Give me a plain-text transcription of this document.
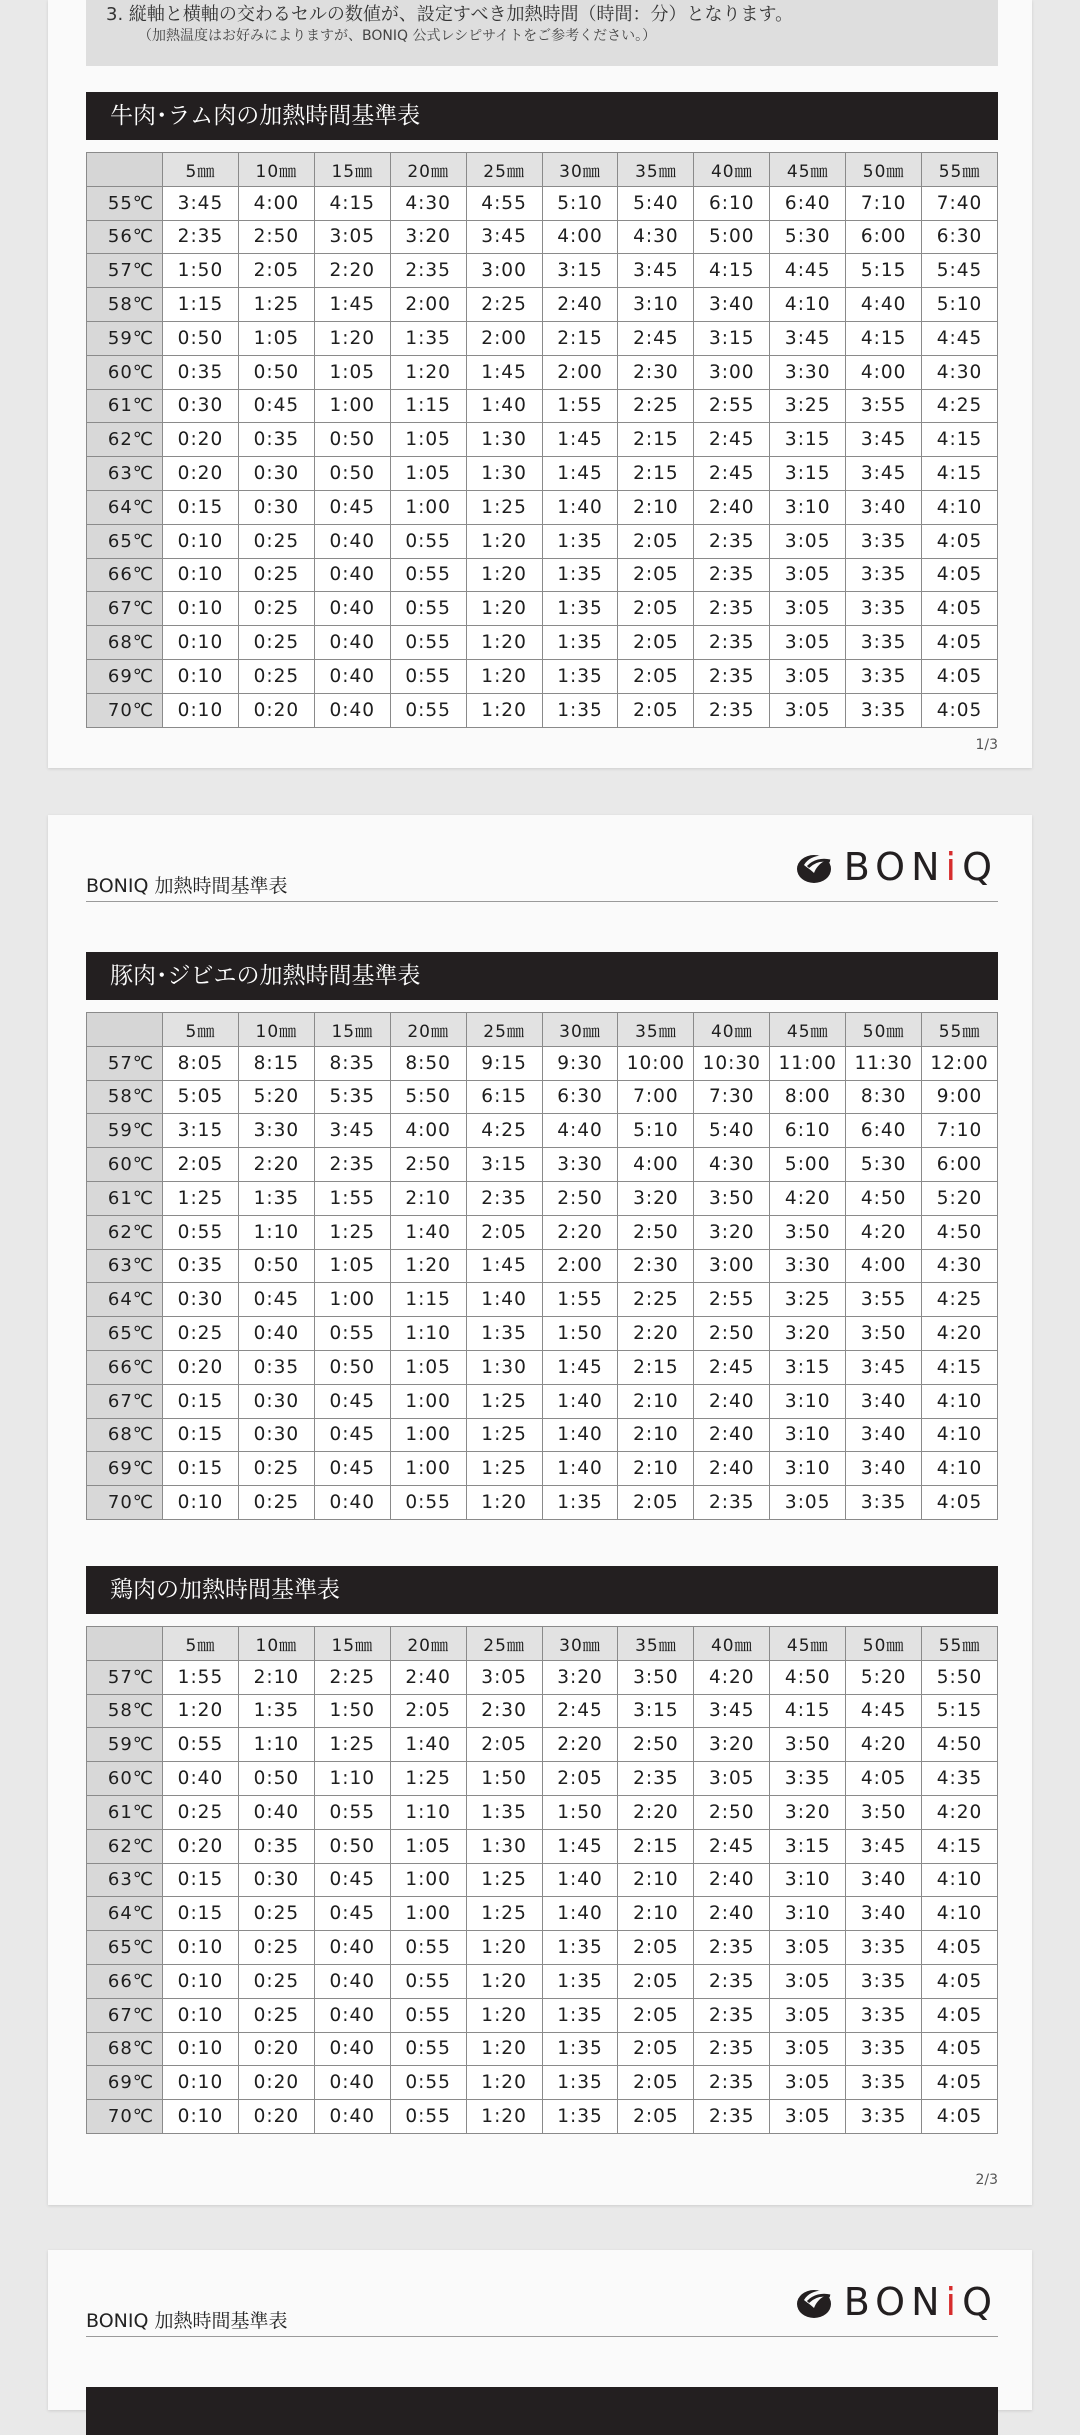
3. 縦軸と横軸の交わるセルの数値が、設定すべき加熱時間（時間：分）となります。
（加熱温度はお好みによりますが、BONIQ 公式レシピサイトをご参考ください。）
牛肉･ラム肉の加熱時間基準表
	5㎜	10㎜	15㎜	20㎜	25㎜	30㎜	35㎜	40㎜	45㎜	50㎜	55㎜
55℃	3:45	4:00	4:15	4:30	4:55	5:10	5:40	6:10	6:40	7:10	7:40
56℃	2:35	2:50	3:05	3:20	3:45	4:00	4:30	5:00	5:30	6:00	6:30
57℃	1:50	2:05	2:20	2:35	3:00	3:15	3:45	4:15	4:45	5:15	5:45
58℃	1:15	1:25	1:45	2:00	2:25	2:40	3:10	3:40	4:10	4:40	5:10
59℃	0:50	1:05	1:20	1:35	2:00	2:15	2:45	3:15	3:45	4:15	4:45
60℃	0:35	0:50	1:05	1:20	1:45	2:00	2:30	3:00	3:30	4:00	4:30
61℃	0:30	0:45	1:00	1:15	1:40	1:55	2:25	2:55	3:25	3:55	4:25
62℃	0:20	0:35	0:50	1:05	1:30	1:45	2:15	2:45	3:15	3:45	4:15
63℃	0:20	0:30	0:50	1:05	1:30	1:45	2:15	2:45	3:15	3:45	4:15
64℃	0:15	0:30	0:45	1:00	1:25	1:40	2:10	2:40	3:10	3:40	4:10
65℃	0:10	0:25	0:40	0:55	1:20	1:35	2:05	2:35	3:05	3:35	4:05
66℃	0:10	0:25	0:40	0:55	1:20	1:35	2:05	2:35	3:05	3:35	4:05
67℃	0:10	0:25	0:40	0:55	1:20	1:35	2:05	2:35	3:05	3:35	4:05
68℃	0:10	0:25	0:40	0:55	1:20	1:35	2:05	2:35	3:05	3:35	4:05
69℃	0:10	0:25	0:40	0:55	1:20	1:35	2:05	2:35	3:05	3:35	4:05
70℃	0:10	0:20	0:40	0:55	1:20	1:35	2:05	2:35	3:05	3:35	4:05
1/3
BONIQ 加熱時間基準表	BONiQ
豚肉･ジビエの加熱時間基準表
	5㎜	10㎜	15㎜	20㎜	25㎜	30㎜	35㎜	40㎜	45㎜	50㎜	55㎜
57℃	8:05	8:15	8:35	8:50	9:15	9:30	10:00	10:30	11:00	11:30	12:00
58℃	5:05	5:20	5:35	5:50	6:15	6:30	7:00	7:30	8:00	8:30	9:00
59℃	3:15	3:30	3:45	4:00	4:25	4:40	5:10	5:40	6:10	6:40	7:10
60℃	2:05	2:20	2:35	2:50	3:15	3:30	4:00	4:30	5:00	5:30	6:00
61℃	1:25	1:35	1:55	2:10	2:35	2:50	3:20	3:50	4:20	4:50	5:20
62℃	0:55	1:10	1:25	1:40	2:05	2:20	2:50	3:20	3:50	4:20	4:50
63℃	0:35	0:50	1:05	1:20	1:45	2:00	2:30	3:00	3:30	4:00	4:30
64℃	0:30	0:45	1:00	1:15	1:40	1:55	2:25	2:55	3:25	3:55	4:25
65℃	0:25	0:40	0:55	1:10	1:35	1:50	2:20	2:50	3:20	3:50	4:20
66℃	0:20	0:35	0:50	1:05	1:30	1:45	2:15	2:45	3:15	3:45	4:15
67℃	0:15	0:30	0:45	1:00	1:25	1:40	2:10	2:40	3:10	3:40	4:10
68℃	0:15	0:30	0:45	1:00	1:25	1:40	2:10	2:40	3:10	3:40	4:10
69℃	0:15	0:25	0:45	1:00	1:25	1:40	2:10	2:40	3:10	3:40	4:10
70℃	0:10	0:25	0:40	0:55	1:20	1:35	2:05	2:35	3:05	3:35	4:05
鶏肉の加熱時間基準表
	5㎜	10㎜	15㎜	20㎜	25㎜	30㎜	35㎜	40㎜	45㎜	50㎜	55㎜
57℃	1:55	2:10	2:25	2:40	3:05	3:20	3:50	4:20	4:50	5:20	5:50
58℃	1:20	1:35	1:50	2:05	2:30	2:45	3:15	3:45	4:15	4:45	5:15
59℃	0:55	1:10	1:25	1:40	2:05	2:20	2:50	3:20	3:50	4:20	4:50
60℃	0:40	0:50	1:10	1:25	1:50	2:05	2:35	3:05	3:35	4:05	4:35
61℃	0:25	0:40	0:55	1:10	1:35	1:50	2:20	2:50	3:20	3:50	4:20
62℃	0:20	0:35	0:50	1:05	1:30	1:45	2:15	2:45	3:15	3:45	4:15
63℃	0:15	0:30	0:45	1:00	1:25	1:40	2:10	2:40	3:10	3:40	4:10
64℃	0:15	0:25	0:45	1:00	1:25	1:40	2:10	2:40	3:10	3:40	4:10
65℃	0:10	0:25	0:40	0:55	1:20	1:35	2:05	2:35	3:05	3:35	4:05
66℃	0:10	0:25	0:40	0:55	1:20	1:35	2:05	2:35	3:05	3:35	4:05
67℃	0:10	0:25	0:40	0:55	1:20	1:35	2:05	2:35	3:05	3:35	4:05
68℃	0:10	0:20	0:40	0:55	1:20	1:35	2:05	2:35	3:05	3:35	4:05
69℃	0:10	0:20	0:40	0:55	1:20	1:35	2:05	2:35	3:05	3:35	4:05
70℃	0:10	0:20	0:40	0:55	1:20	1:35	2:05	2:35	3:05	3:35	4:05
2/3
BONIQ 加熱時間基準表	BONiQ
